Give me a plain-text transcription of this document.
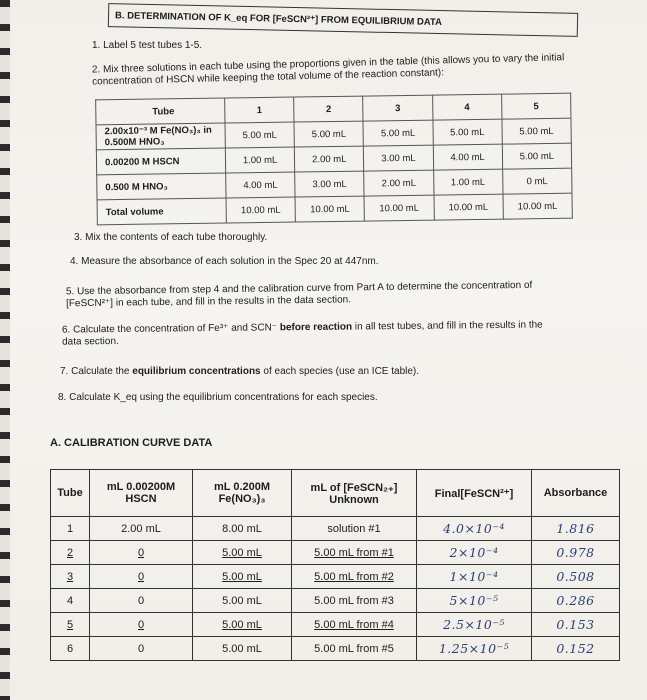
B. DETERMINATION OF K_eq FOR [FeSCN²⁺] FROM EQUILIBRIUM DATA
1. Label 5 test tubes 1-5.
2. Mix three solutions in each tube using the proportions given in the table (this allows you to vary the initial concentration of HSCN while keeping the total volume of the reaction constant):
Tube	1	2	3	4	5
2.00x10⁻³ M Fe(NO₃)₃ in 0.500M HNO₃	5.00 mL	5.00 mL	5.00 mL	5.00 mL	5.00 mL
0.00200 M HSCN	1.00 mL	2.00 mL	3.00 mL	4.00 mL	5.00 mL
0.500 M HNO₃	4.00 mL	3.00 mL	2.00 mL	1.00 mL	0 mL
Total volume	10.00 mL	10.00 mL	10.00 mL	10.00 mL	10.00 mL
3. Mix the contents of each tube thoroughly.
4. Measure the absorbance of each solution in the Spec 20 at 447nm.
5. Use the absorbance from step 4 and the calibration curve from Part A to determine the concentration of [FeSCN²⁺] in each tube, and fill in the results in the data section.
6. Calculate the concentration of Fe³⁺ and SCN⁻ before reaction in all test tubes, and fill in the results in the data section.
7. Calculate the equilibrium concentrations of each species (use an ICE table).
8. Calculate K_eq using the equilibrium concentrations for each species.
A. CALIBRATION CURVE DATA
Tube	mL 0.00200M HSCN	mL 0.200M Fe(NO₃)₃	mL of [FeSCN₂₊] Unknown	Final[FeSCN²⁺]	Absorbance
1	2.00 mL	8.00 mL	solution #1	4.0×10⁻⁴	1.816
2	0	5.00 mL	5.00 mL from #1	2×10⁻⁴	0.978
3	0	5.00 mL	5.00 mL from #2	1×10⁻⁴	0.508
4	0	5.00 mL	5.00 mL from #3	5×10⁻⁵	0.286
5	0	5.00 mL	5.00 mL from #4	2.5×10⁻⁵	0.153
6	0	5.00 mL	5.00 mL from #5	1.25×10⁻⁵	0.152
